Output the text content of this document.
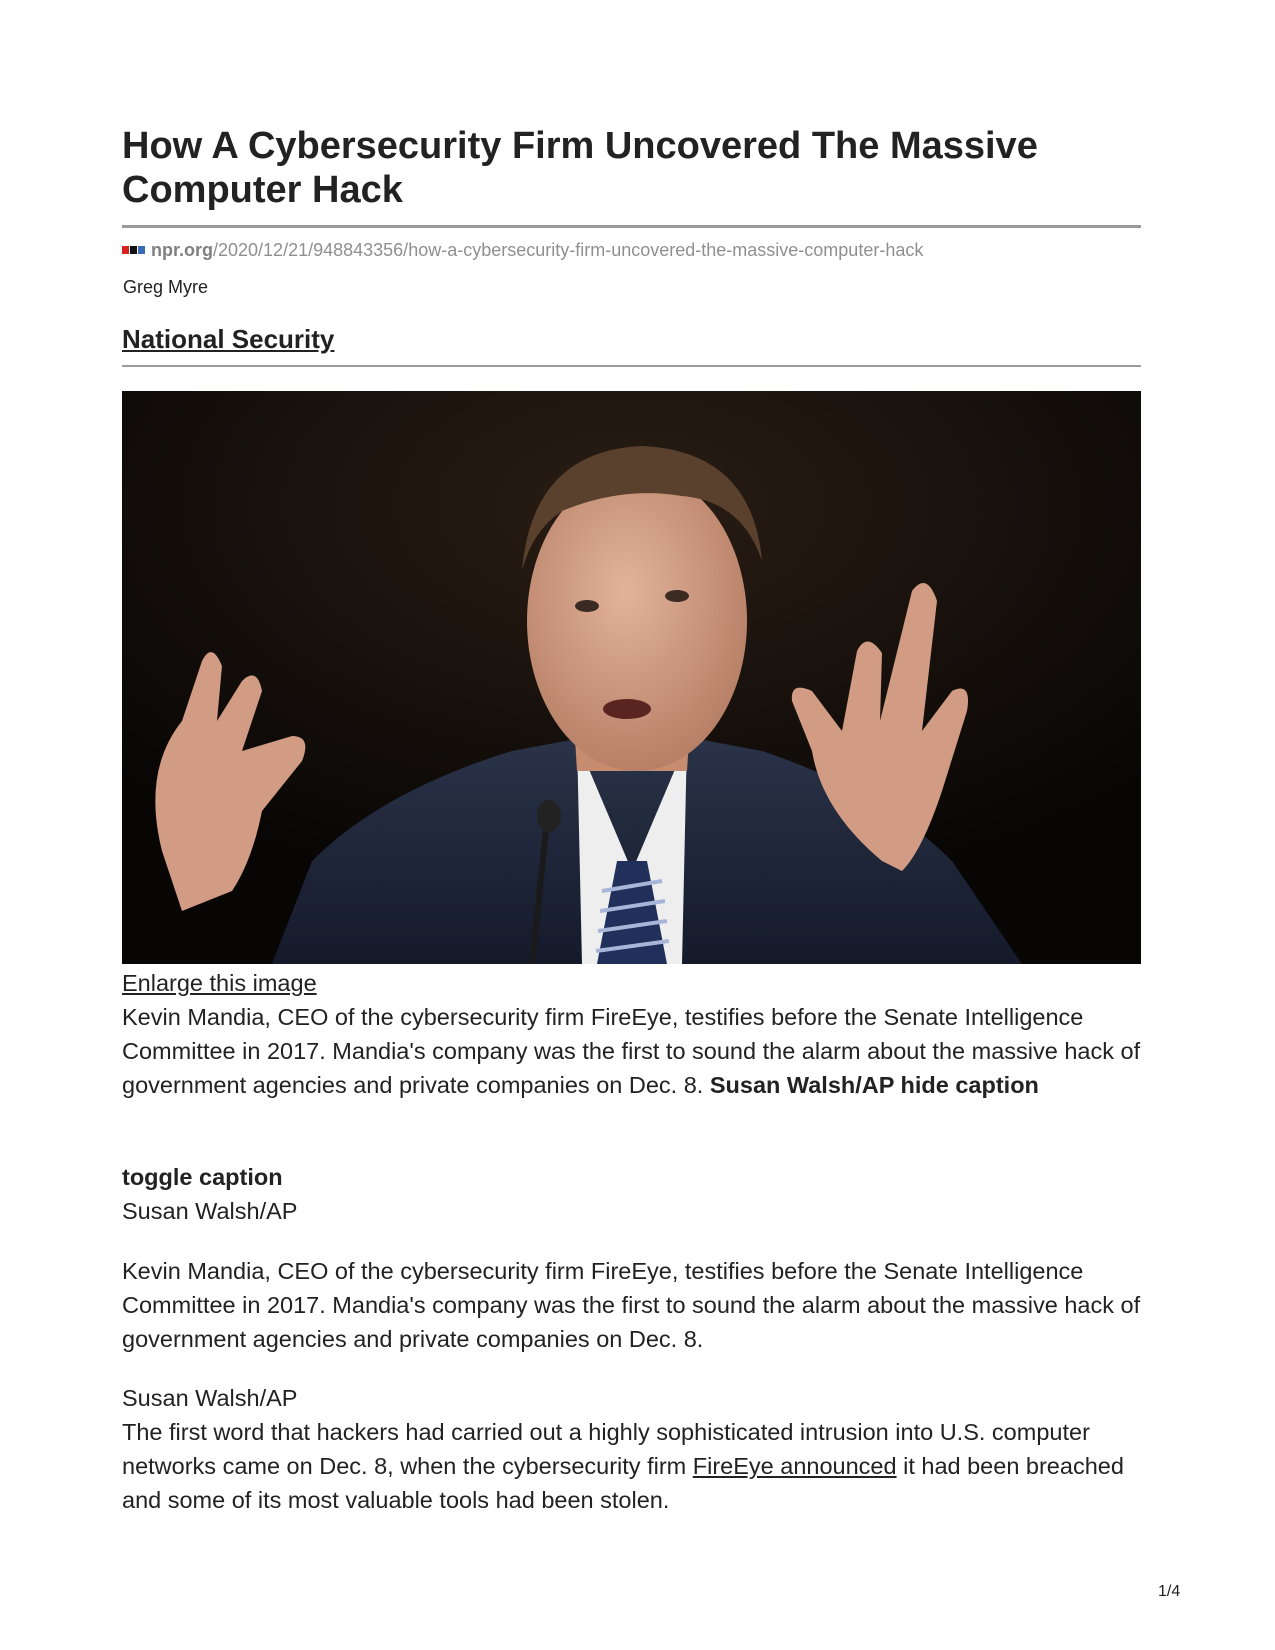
How A Cybersecurity Firm Uncovered The Massive Computer Hack
npr.org /2020/12/21/948843356/how-a-cybersecurity-firm-uncovered-the-massive-computer-hack
Greg Myre
National Security
Enlarge this image

Kevin Mandia, CEO of the cybersecurity firm FireEye, testifies before the Senate Intelligence Committee in 2017. Mandia's company was the first to sound the alarm about the massive hack of government agencies and private companies on Dec. 8. Susan Walsh/AP hide caption

toggle caption
Susan Walsh/AP

Kevin Mandia, CEO of the cybersecurity firm FireEye, testifies before the Senate Intelligence Committee in 2017. Mandia's company was the first to sound the alarm about the massive hack of government agencies and private companies on Dec. 8.

Susan Walsh/AP

The first word that hackers had carried out a highly sophisticated intrusion into U.S. computer networks came on Dec. 8, when the cybersecurity firm FireEye announced it had been breached and some of its most valuable tools had been stolen.

1/4
